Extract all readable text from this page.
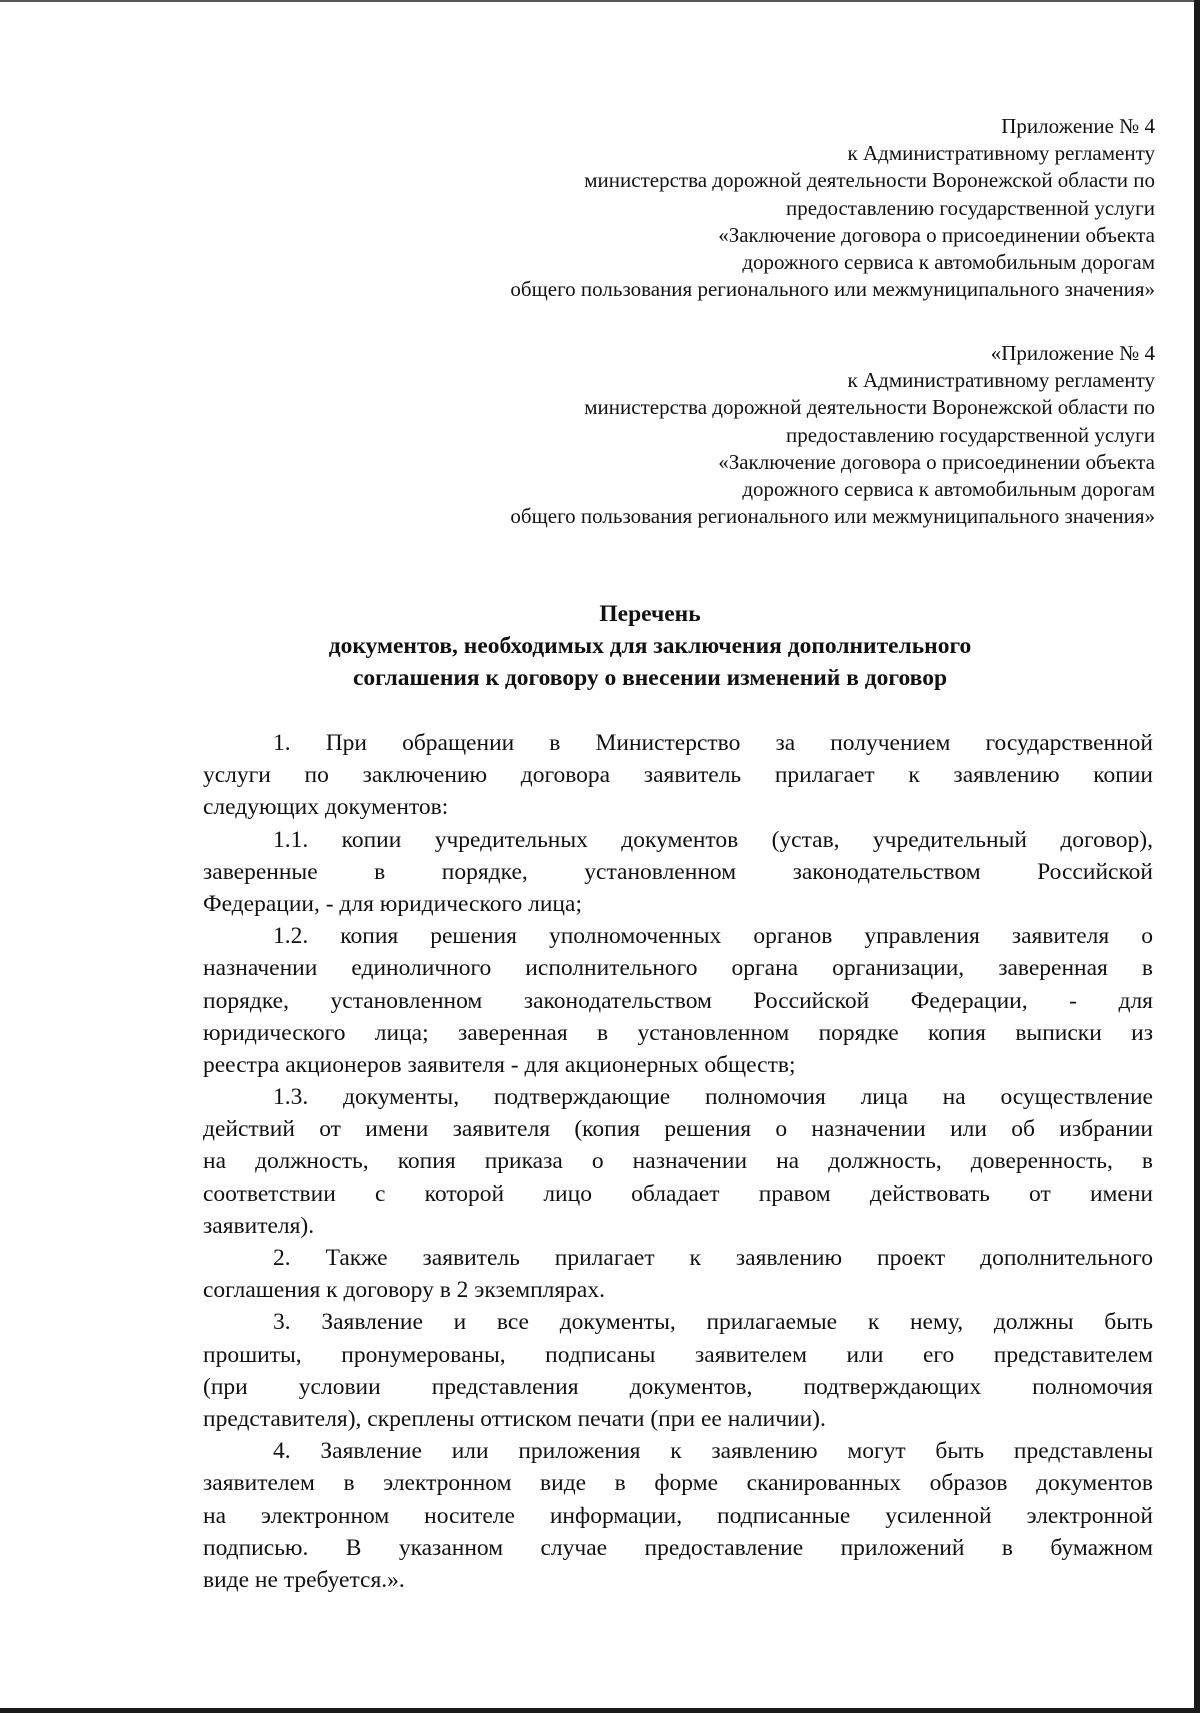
Приложение № 4
к Административному регламенту
министерства дорожной деятельности Воронежской области по
предоставлению государственной услуги
«Заключение договора о присоединении объекта
дорожного сервиса к автомобильным дорогам
общего пользования регионального или межмуниципального значения»
«Приложение № 4
к Административному регламенту
министерства дорожной деятельности Воронежской области по
предоставлению государственной услуги
«Заключение договора о присоединении объекта
дорожного сервиса к автомобильным дорогам
общего пользования регионального или межмуниципального значения»
Перечень
документов, необходимых для заключения дополнительного
соглашения к договору о внесении изменений в договор
1. При обращении в Министерство за получением государственной
услуги по заключению договора заявитель прилагает к заявлению копии
следующих документов:
1.1. копии учредительных документов (устав, учредительный договор),
заверенные в порядке, установленном законодательством Российской
Федерации, - для юридического лица;
1.2. копия решения уполномоченных органов управления заявителя о
назначении единоличного исполнительного органа организации, заверенная в
порядке, установленном законодательством Российской Федерации, - для
юридического лица; заверенная в установленном порядке копия выписки из
реестра акционеров заявителя - для акционерных обществ;
1.3. документы, подтверждающие полномочия лица на осуществление
действий от имени заявителя (копия решения о назначении или об избрании
на должность, копия приказа о назначении на должность, доверенность, в
соответствии с которой лицо обладает правом действовать от имени
заявителя).
2. Также заявитель прилагает к заявлению проект дополнительного
соглашения к договору в 2 экземплярах.
3. Заявление и все документы, прилагаемые к нему, должны быть
прошиты, пронумерованы, подписаны заявителем или его представителем
(при условии представления документов, подтверждающих полномочия
представителя), скреплены оттиском печати (при ее наличии).
4. Заявление или приложения к заявлению могут быть представлены
заявителем в электронном виде в форме сканированных образов документов
на электронном носителе информации, подписанные усиленной электронной
подписью. В указанном случае предоставление приложений в бумажном
виде не требуется.».
